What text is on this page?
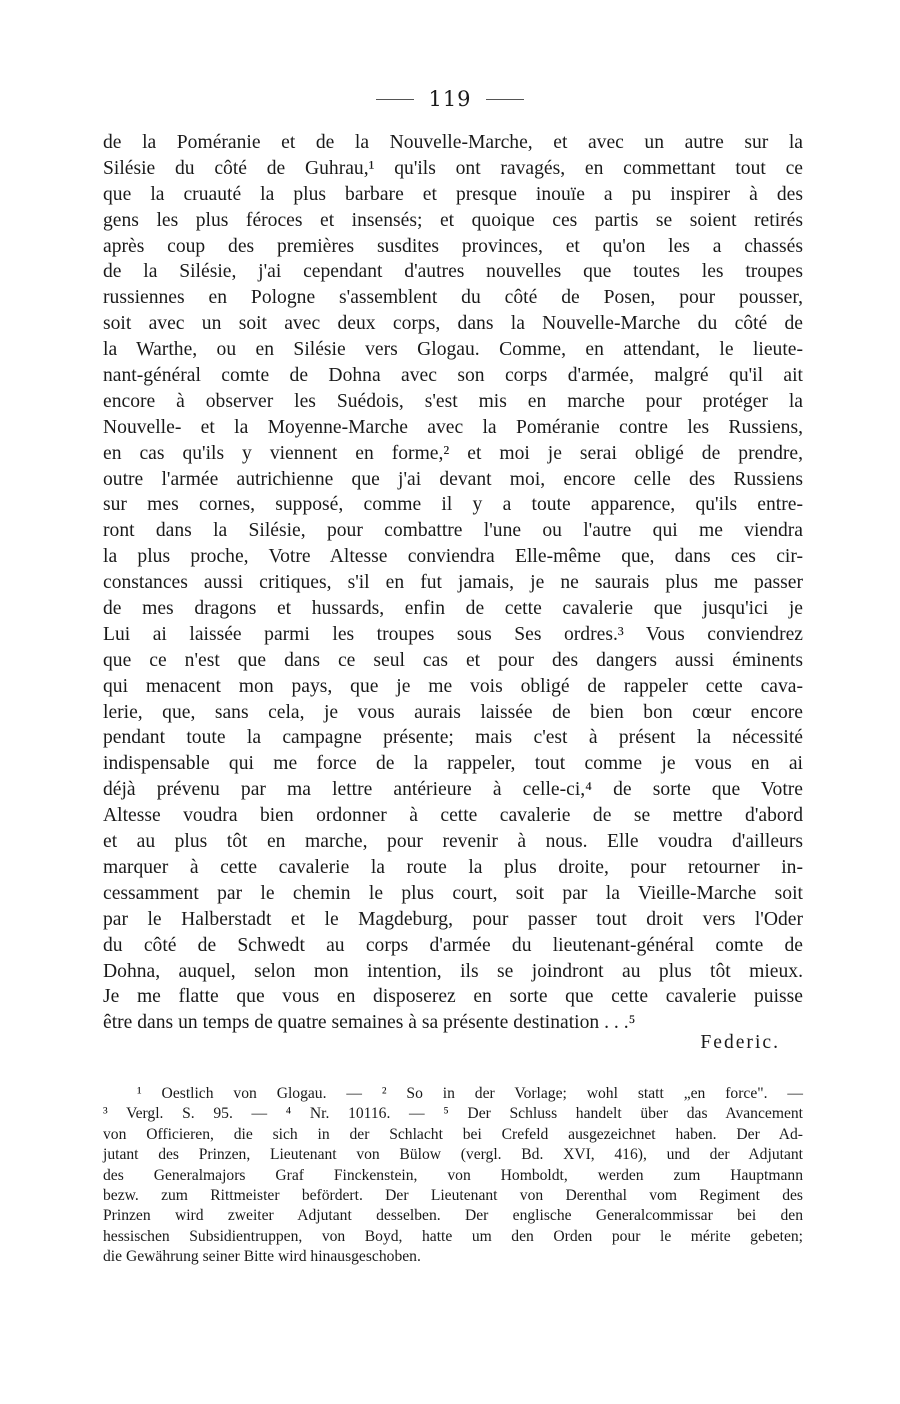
119
de la Poméranie et de la Nouvelle-Marche, et avec un autre sur la
Silésie du côté de Guhrau,¹ qu'ils ont ravagés, en commettant tout ce
que la cruauté la plus barbare et presque inouïe a pu inspirer à des
gens les plus féroces et insensés; et quoique ces partis se soient retirés
après coup des premières susdites provinces, et qu'on les a chassés
de la Silésie, j'ai cependant d'autres nouvelles que toutes les troupes
russiennes en Pologne s'assemblent du côté de Posen, pour pousser,
soit avec un soit avec deux corps, dans la Nouvelle-Marche du côté de
la Warthe, ou en Silésie vers Glogau. Comme, en attendant, le lieute-
nant-général comte de Dohna avec son corps d'armée, malgré qu'il ait
encore à observer les Suédois, s'est mis en marche pour protéger la
Nouvelle- et la Moyenne-Marche avec la Poméranie contre les Russiens,
en cas qu'ils y viennent en forme,² et moi je serai obligé de prendre,
outre l'armée autrichienne que j'ai devant moi, encore celle des Russiens
sur mes cornes, supposé, comme il y a toute apparence, qu'ils entre-
ront dans la Silésie, pour combattre l'une ou l'autre qui me viendra
la plus proche, Votre Altesse conviendra Elle-même que, dans ces cir-
constances aussi critiques, s'il en fut jamais, je ne saurais plus me passer
de mes dragons et hussards, enfin de cette cavalerie que jusqu'ici je
Lui ai laissée parmi les troupes sous Ses ordres.³ Vous conviendrez
que ce n'est que dans ce seul cas et pour des dangers aussi éminents
qui menacent mon pays, que je me vois obligé de rappeler cette cava-
lerie, que, sans cela, je vous aurais laissée de bien bon cœur encore
pendant toute la campagne présente; mais c'est à présent la nécessité
indispensable qui me force de la rappeler, tout comme je vous en ai
déjà prévenu par ma lettre antérieure à celle-ci,⁴ de sorte que Votre
Altesse voudra bien ordonner à cette cavalerie de se mettre d'abord
et au plus tôt en marche, pour revenir à nous. Elle voudra d'ailleurs
marquer à cette cavalerie la route la plus droite, pour retourner in-
cessamment par le chemin le plus court, soit par la Vieille-Marche soit
par le Halberstadt et le Magdeburg, pour passer tout droit vers l'Oder
du côté de Schwedt au corps d'armée du lieutenant-général comte de
Dohna, auquel, selon mon intention, ils se joindront au plus tôt mieux.
Je me flatte que vous en disposerez en sorte que cette cavalerie puisse
être dans un temps de quatre semaines à sa présente destination . . .⁵
Federic.
¹ Oestlich von Glogau. — ² So in der Vorlage; wohl statt „en force". —
³ Vergl. S. 95. — ⁴ Nr. 10116. — ⁵ Der Schluss handelt über das Avancement
von Officieren, die sich in der Schlacht bei Crefeld ausgezeichnet haben. Der Ad-
jutant des Prinzen, Lieutenant von Bülow (vergl. Bd. XVI, 416), und der Adjutant
des Generalmajors Graf Finckenstein, von Homboldt, werden zum Hauptmann
bezw. zum Rittmeister befördert. Der Lieutenant von Derenthal vom Regiment des
Prinzen wird zweiter Adjutant desselben. Der englische Generalcommissar bei den
hessischen Subsidientruppen, von Boyd, hatte um den Orden pour le mérite gebeten;
die Gewährung seiner Bitte wird hinausgeschoben.
